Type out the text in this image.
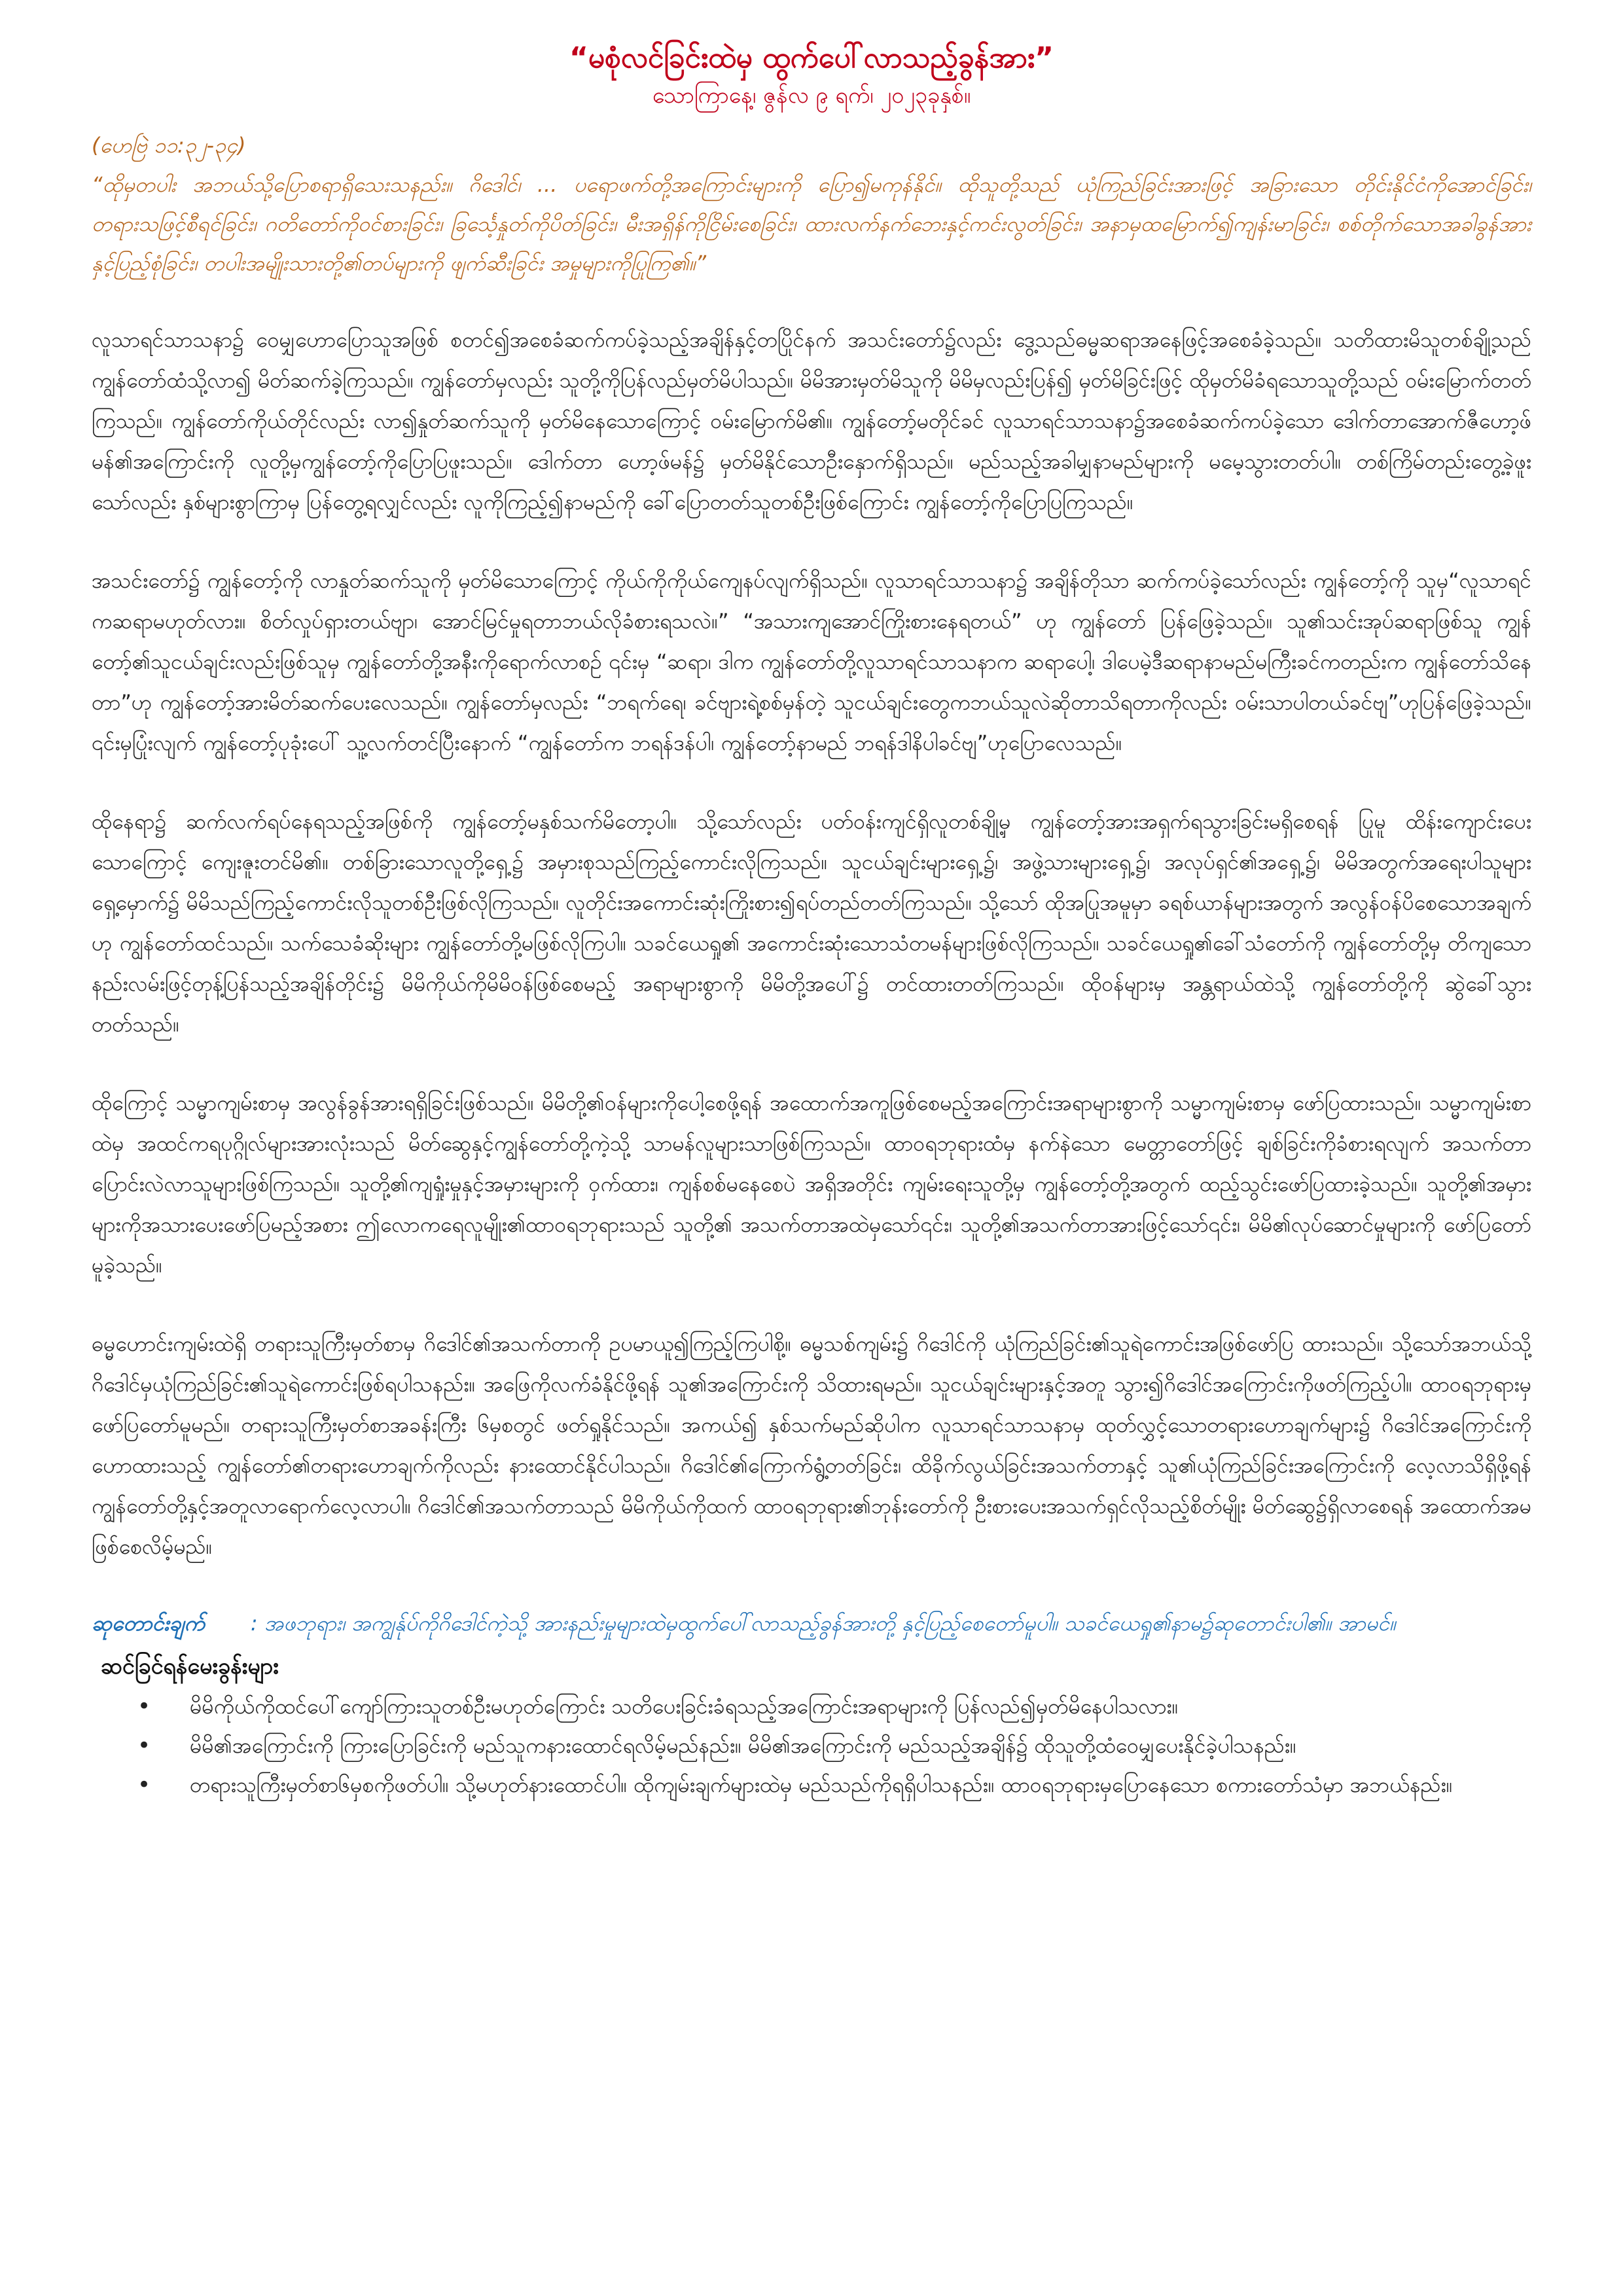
“မစုံလင်ခြင်းထဲမှ ထွက်ပေါ်လာသည့်ခွန်အား”
သောကြာနေ့၊ ဇွန်လ ၉ ရက်၊ ၂၀၂၃ခုနှစ်။
(ဟေဗြဲ ၁၁:၃၂-၃၄)

“ထိုမှတပါး အဘယ်သို့ပြောစရာရှိသေးသနည်း။ ဂိဒေါင်၊ ... ပရောဖက်တို့အကြောင်းများကို ပြော၍မကုန်နိုင်။ ထိုသူတို့သည် ယုံကြည်ခြင်းအားဖြင့် အခြားသော တိုင်းနိုင်ငံကိုအောင်ခြင်း၊ တရားသဖြင့်စီရင်ခြင်း၊ ဂတိတော်ကိုဝင်စားခြင်း၊ ခြင်္သေ့နှုတ်ကိုပိတ်ခြင်း၊ မီးအရှိန်ကိုငြိမ်းစေခြင်း၊ ထားလက်နက်ဘေးနှင့်ကင်းလွတ်ခြင်း၊ အနာမှထမြောက်၍ကျန်းမာခြင်း၊ စစ်တိုက်သောအခါခွန်အားနှင့်ပြည့်စုံခြင်း၊ တပါးအမျိုးသားတို့၏တပ်များကို ဖျက်ဆီးခြင်း အမှုများကိုပြုကြ၏။”

လူသာရင်သာသနာ၌ ဝေမျှဟောပြောသူအဖြစ် စတင်၍အစေခံဆက်ကပ်ခဲ့သည့်အချိန်နှင့်တပြိုင်နက် အသင်းတော်၌လည်း ဒွေ့သည်ဓမ္မဆရာအနေဖြင့်အစေခံခဲ့သည်။ သတိထားမိသူတစ်ချို့သည် ကျွန်တော်ထံသို့လာ၍ မိတ်ဆက်ခဲ့ကြသည်။ ကျွန်တော်မှလည်း သူတို့ကိုပြန်လည်မှတ်မိပါသည်။ မိမိအားမှတ်မိသူကို မိမိမှလည်းပြန်၍ မှတ်မိခြင်းဖြင့် ထိုမှတ်မိခံရသောသူတို့သည် ဝမ်းမြောက်တတ်ကြသည်။ ကျွန်တော်ကိုယ်တိုင်လည်း လာ၍နှုတ်ဆက်သူကို မှတ်မိနေသောကြောင့် ဝမ်းမြောက်မိ၏။ ကျွန်တော့်မတိုင်ခင် လူသာရင်သာသနာ၌အစေခံဆက်ကပ်ခဲ့သော ဒေါက်တာအောက်ဇီဟော့ဖ်မန်၏အကြောင်းကို လူတို့မှကျွန်တော့်ကိုပြောပြဖူးသည်။ ဒေါက်တာ ဟော့ဖ်မန်၌ မှတ်မိနိုင်သောဦးနှောက်ရှိသည်။ မည်သည့်အခါမျှနာမည်များကို မမေ့သွားတတ်ပါ။ တစ်ကြိမ်တည်းတွေ့ခဲ့ဖူးသော်လည်း နှစ်များစွာကြာမှ ပြန်တွေ့ရလျှင်လည်း လူကိုကြည့်၍နာမည်ကို ခေါ်ပြောတတ်သူတစ်ဦးဖြစ်ကြောင်း ကျွန်တော့်ကိုပြောပြကြသည်။

အသင်းတော်၌ ကျွန်တော့်ကို လာနှုတ်ဆက်သူကို မှတ်မိသောကြောင့် ကိုယ်ကိုကိုယ်ကျေနပ်လျက်ရှိသည်။ လူသာရင်သာသနာ၌ အချိန်တိုသာ ဆက်ကပ်ခဲ့သော်လည်း ကျွန်တော့်ကို သူမှ“လူသာရင်ကဆရာမဟုတ်လား။ စိတ်လှုပ်ရှားတယ်ဗျာ၊ အောင်မြင်မှုရတာဘယ်လိုခံစားရသလဲ။” “အသားကျအောင်ကြိုးစားနေရတယ်” ဟု ကျွန်တော် ပြန်ဖြေခဲ့သည်။ သူ၏သင်းအုပ်ဆရာဖြစ်သူ ကျွန်တော့်၏သူငယ်ချင်းလည်းဖြစ်သူမှ ကျွန်တော်တို့အနီးကိုရောက်လာစဉ် ၎င်းမှ “ဆရာ၊ ဒါက ကျွန်တော်တို့လူသာရင်သာသနာက ဆရာပေါ့၊ ဒါပေမဲ့ဒီဆရာနာမည်မကြီးခင်ကတည်းက ကျွန်တော်သိနေတာ”ဟု ကျွန်တော့်အားမိတ်ဆက်ပေးလေသည်။ ကျွန်တော်မှလည်း “ဘရက်ရေ၊ ခင်ဗျားရဲ့စစ်မှန်တဲ့ သူငယ်ချင်းတွေကဘယ်သူလဲဆိုတာသိရတာကိုလည်း ဝမ်းသာပါတယ်ခင်ဗျ”ဟုပြန်ဖြေခဲ့သည်။ ၎င်းမှပြုံးလျက် ကျွန်တော့်ပုခုံးပေါ် သူ့လက်တင်ပြီးနောက် “ကျွန်တော်က ဘရန်ဒန်ပါ၊ ကျွန်တော့်နာမည် ဘရန်ဒါနိပါခင်ဗျ”ဟုပြောလေသည်။

ထိုနေရာ၌ ဆက်လက်ရပ်နေရသည့်အဖြစ်ကို ကျွန်တော့်မနှစ်သက်မိတော့ပါ။ သို့သော်လည်း ပတ်ဝန်းကျင်ရှိလူတစ်ချို့မှ ကျွန်တော့်အားအရှက်ရသွားခြင်းမရှိစေရန် ပြုမူ ထိန်းကျောင်းပေးသောကြောင့် ကျေးဇူးတင်မိ၏။ တစ်ခြားသောလူတို့ရှေ့၌ အမှားစုသည်ကြည့်ကောင်းလိုကြသည်။ သူငယ်ချင်းများရှေ့၌၊ အဖွဲ့သားများရှေ့၌၊ အလုပ်ရှင်၏အရှေ့၌၊ မိမိအတွက်အရေးပါသူများရှေ့မှောက်၌ မိမိသည်ကြည့်ကောင်းလိုသူတစ်ဦးဖြစ်လိုကြသည်။ လူတိုင်းအကောင်းဆုံးကြိုးစား၍ရပ်တည်တတ်ကြသည်။ သို့သော် ထိုအပြုအမူမှာ ခရစ်ယာန်များအတွက် အလွန်ဝန်ပိစေသောအချက်ဟု ကျွန်တော်ထင်သည်။ သက်သေခံဆိုးများ ကျွန်တော်တို့မဖြစ်လိုကြပါ။ သခင်ယေရှု၏ အကောင်းဆုံးသောသံတမန်များဖြစ်လိုကြသည်။ သခင်ယေရှု၏ခေါ်သံတော်ကို ကျွန်တော်တို့မှ တိကျသောနည်းလမ်းဖြင့်တုန့်ပြန်သည့်အချိန်တိုင်း၌ မိမိကိုယ်ကိုမိမိဝန်ဖြစ်စေမည့် အရာများစွာကို မိမိတို့အပေါ်၌ တင်ထားတတ်ကြသည်။ ထိုဝန်များမှ အန္တရာယ်ထဲသို့ ကျွန်တော်တို့ကို ဆွဲခေါ်သွားတတ်သည်။

ထိုကြောင့် သမ္မာကျမ်းစာမှ အလွန်ခွန်အားရရှိခြင်းဖြစ်သည်။ မိမိတို့၏ဝန်များကိုပေါ့စေဖို့ရန် အထောက်အကူဖြစ်စေမည့်အကြောင်းအရာများစွာကို သမ္မာကျမ်းစာမှ ဖော်ပြထားသည်။ သမ္မာကျမ်းစာထဲမှ အထင်ကရပုဂ္ဂိုလ်များအားလုံးသည် မိတ်ဆွေနှင့်ကျွန်တော်တို့ကဲ့သို့ သာမန်လူများသာဖြစ်ကြသည်။ ထာဝရဘုရားထံမှ နက်နဲသော မေတ္တာတော်ဖြင့် ချစ်ခြင်းကိုခံစားရလျက် အသက်တာပြောင်းလဲလာသူများဖြစ်ကြသည်။ သူတို့၏ကျရှုံးမှုနှင့်အမှားများကို ဝှက်ထား၊ ကျန်စစ်မနေစေပဲ အရှိအတိုင်း ကျမ်းရေးသူတို့မှ ကျွန်တော့်တို့အတွက် ထည့်သွင်းဖော်ပြထားခဲ့သည်။ သူတို့၏အမှားများကိုအသားပေးဖော်ပြမည့်အစား ဤလောကရေလူမျိုး၏ထာဝရဘုရားသည် သူတို့၏ အသက်တာအထဲမှသော်၎င်း၊ သူတို့၏အသက်တာအားဖြင့်သော်၎င်း၊ မိမိ၏လုပ်ဆောင်မှုများကို ဖော်ပြတော်မူခဲ့သည်။

ဓမ္မဟောင်းကျမ်းထဲရှိ တရားသူကြီးမှတ်စာမှ ဂိဒေါင်၏အသက်တာကို ဥပမာယူ၍ကြည့်ကြပါစို့။ ဓမ္မသစ်ကျမ်း၌ ဂိဒေါင်ကို ယုံကြည်ခြင်း၏သူရဲကောင်းအဖြစ်ဖော်ပြ ထားသည်။ သို့သော်အဘယ်သို့ ဂိဒေါင်မှယုံကြည်ခြင်း၏သူရဲကောင်းဖြစ်ရပါသနည်း။ အဖြေကိုလက်ခံနိုင်ဖို့ရန် သူ၏အကြောင်းကို သိထားရမည်။ သူငယ်ချင်းများနှင့်အတူ သွား၍ဂိဒေါင်အကြောင်းကိုဖတ်ကြည့်ပါ။ ထာဝရဘုရားမှဖော်ပြတော်မူမည်။ တရားသူကြီးမှတ်စာအခန်းကြီး ၆မှစတွင် ဖတ်ရှုနိုင်သည်။ အကယ်၍ နှစ်သက်မည်ဆိုပါက လူသာရင်သာသနာမှ ထုတ်လွှင့်သောတရားဟောချက်များ၌ ဂိဒေါင်အကြောင်းကိုဟောထားသည့် ကျွန်တော်၏တရားဟောချက်ကိုလည်း နားထောင်နိုင်ပါသည်။ ဂိဒေါင်၏ကြောက်ရွံ့တတ်ခြင်း၊ ထိခိုက်လွယ်ခြင်းအသက်တာနှင့် သူ၏ယုံကြည်ခြင်းအကြောင်းကို လေ့လာသိရှိဖို့ရန် ကျွန်တော်တို့နှင့်အတူလာရောက်လေ့လာပါ။ ဂိဒေါင်၏အသက်တာသည် မိမိကိုယ်ကိုထက် ထာဝရဘုရား၏ဘုန်းတော်ကို ဦးစားပေးအသက်ရှင်လိုသည့်စိတ်မျိုး မိတ်ဆွေ၌ရှိလာစေရန် အထောက်အမဖြစ်စေလိမ့်မည်။

ဆုတောင်းချက် : အဖဘုရား၊ အကျွန်ုပ်ကိုဂိဒေါင်ကဲ့သို့ အားနည်းမှုများထဲမှထွက်ပေါ်လာသည့်ခွန်အားတို့ နှင့်ပြည့်စေတော်မူပါ။ သခင်ယေရှု၏နာမ၌ဆုတောင်းပါ၏။ အာမင်။
ဆင်ခြင်ရန်မေးခွန်းများ
• မိမိကိုယ်ကိုထင်ပေါ်ကျော်ကြားသူတစ်ဦးမဟုတ်ကြောင်း သတိပေးခြင်းခံရသည့်အကြောင်းအရာများကို ပြန်လည်၍မှတ်မိနေပါသလား။
• မိမိ၏အကြောင်းကို ကြားပြောခြင်းကို မည်သူကနားထောင်ရလိမ့်မည်နည်း။ မိမိ၏အကြောင်းကို မည်သည့်အချိန်၌ ထိုသူတို့ထံဝေမျှပေးနိုင်ခဲ့ပါသနည်း။
• တရားသူကြီးမှတ်စာ၆မှစကိုဖတ်ပါ။ သို့မဟုတ်နားထောင်ပါ။ ထိုကျမ်းချက်များထဲမှ မည်သည်ကိုရရှိပါသနည်း။ ထာဝရဘုရားမှပြောနေသော စကားတော်သံမှာ အဘယ်နည်း။
